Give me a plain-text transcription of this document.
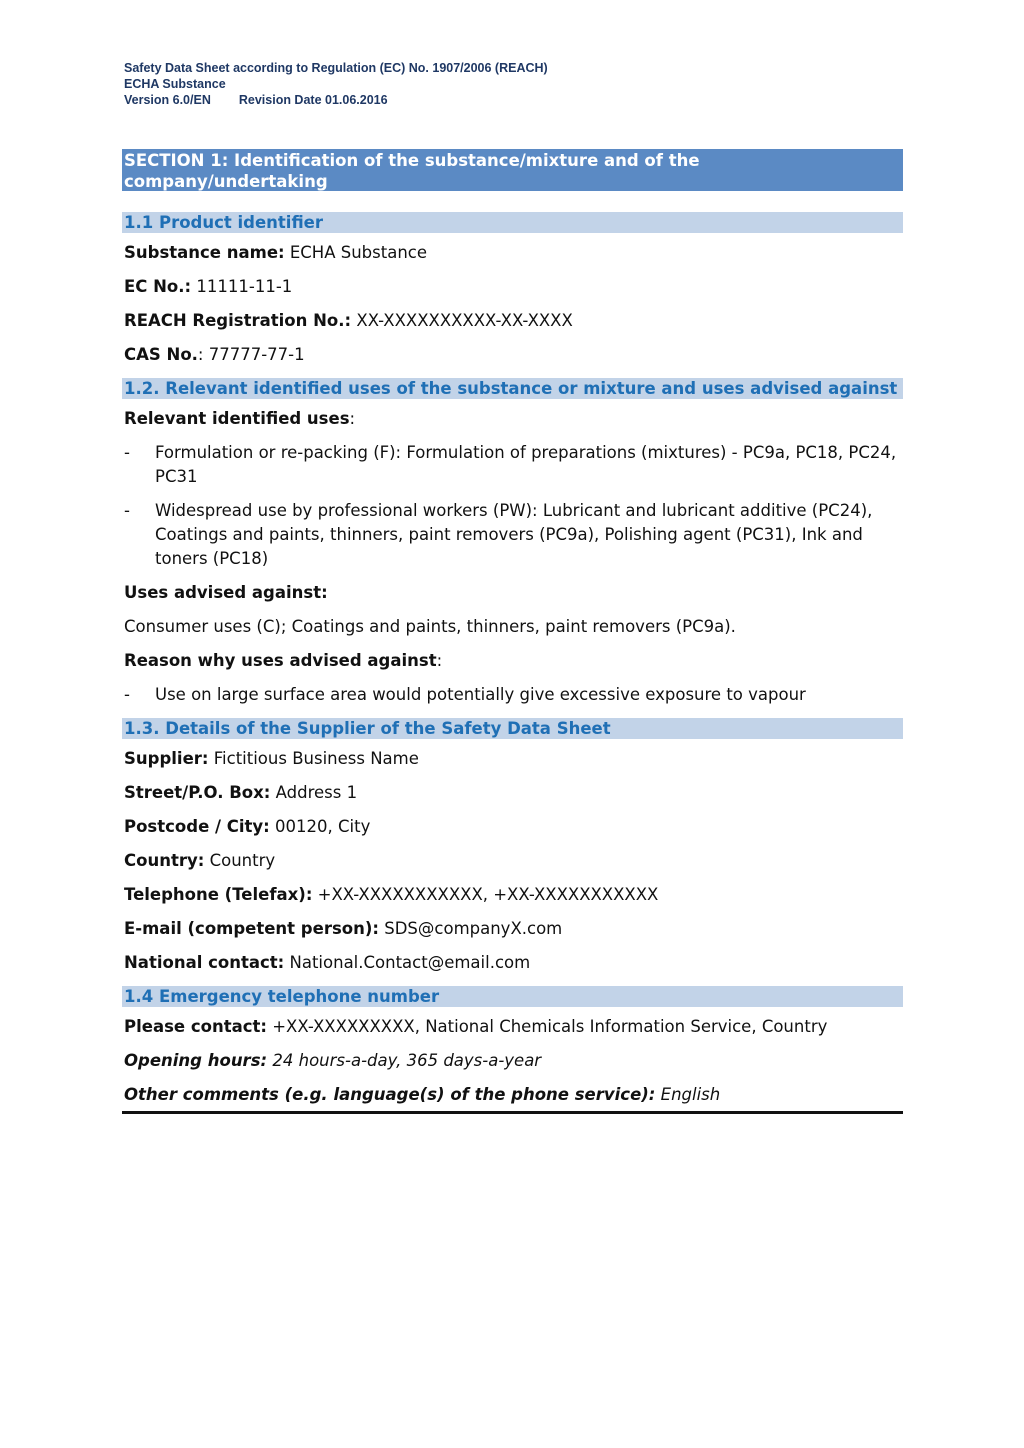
Safety Data Sheet according to Regulation (EC) No. 1907/2006 (REACH)
ECHA Substance
Version 6.0/EN Revision Date 01.06.2016
SECTION 1: Identification of the substance/mixture and of the company/undertaking
1.1 Product identifier
Substance name: ECHA Substance
EC No.: 11111-11-1
REACH Registration No.: XX-XXXXXXXXXX-XX-XXXX
CAS No.: 77777-77-1
1.2. Relevant identified uses of the substance or mixture and uses advised against
Relevant identified uses:
- Formulation or re-packing (F): Formulation of preparations (mixtures) - PC9a, PC18, PC24, PC31
- Widespread use by professional workers (PW): Lubricant and lubricant additive (PC24), Coatings and paints, thinners, paint removers (PC9a), Polishing agent (PC31), Ink and toners (PC18)
Uses advised against:
Consumer uses (C); Coatings and paints, thinners, paint removers (PC9a).
Reason why uses advised against:
- Use on large surface area would potentially give excessive exposure to vapour
1.3. Details of the Supplier of the Safety Data Sheet
Supplier: Fictitious Business Name
Street/P.O. Box: Address 1
Postcode / City: 00120, City
Country: Country
Telephone (Telefax): +XX-XXXXXXXXXXX, +XX-XXXXXXXXXXX
E-mail (competent person): SDS@companyX.com
National contact: National.Contact@email.com
1.4 Emergency telephone number
Please contact: +XX-XXXXXXXXX, National Chemicals Information Service, Country
Opening hours: 24 hours-a-day, 365 days-a-year
Other comments (e.g. language(s) of the phone service): English
